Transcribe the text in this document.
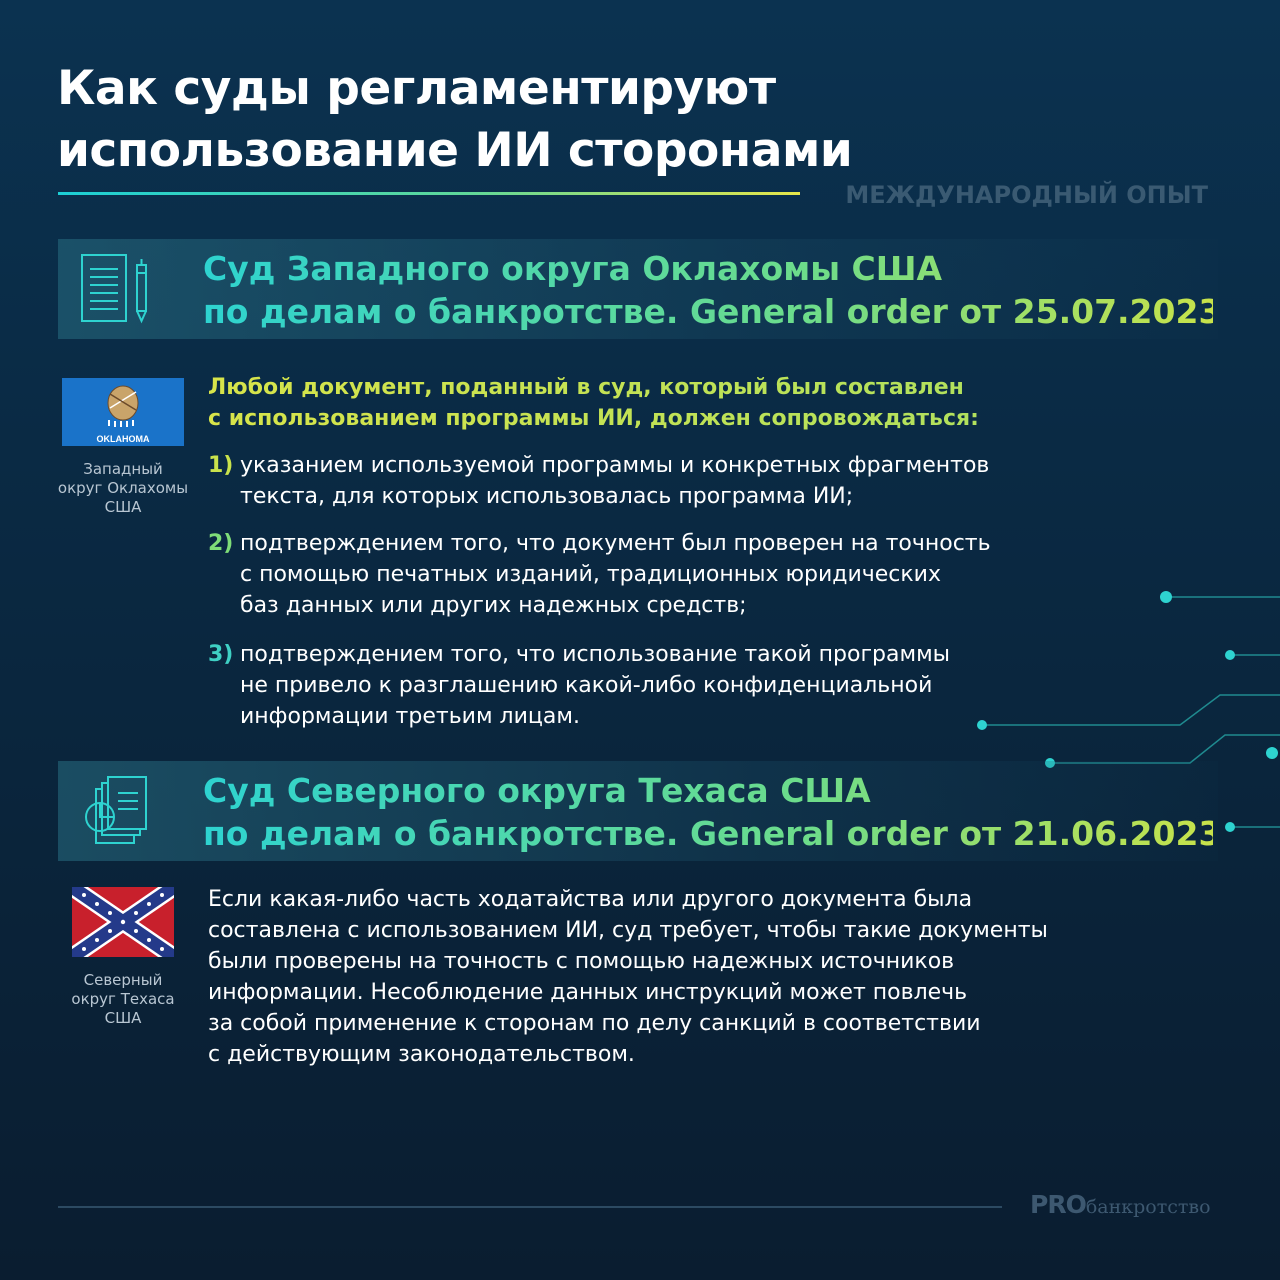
Как суды регламентируют
использование ИИ сторонами
МЕЖДУНАРОДНЫЙ ОПЫТ
Суд Западного округа Оклахомы США
по делам о банкротстве. General order от 25.07.2023
OKLAHOMA
Западный
округ Оклахомы
США
Любой документ, поданный в суд, который был составлен
с использованием программы ИИ, должен сопровождаться:
1) указанием используемой программы и конкретных фрагментов
текста, для которых использовалась программа ИИ;
2) подтверждением того, что документ был проверен на точность
с помощью печатных изданий, традиционных юридических
баз данных или других надежных средств;
3) подтверждением того, что использование такой программы
не привело к разглашению какой-либо конфиденциальной
информации третьим лицам.
Суд Северного округа Техаса США
по делам о банкротстве. General order от 21.06.2023
Северный
округ Техаса
США
Если какая-либо часть ходатайства или другого документа была
составлена с использованием ИИ, суд требует, чтобы такие документы
были проверены на точность с помощью надежных источников
информации. Несоблюдение данных инструкций может повлечь
за собой применение к сторонам по делу санкций в соответствии
с действующим законодательством.
PROбанкротство
